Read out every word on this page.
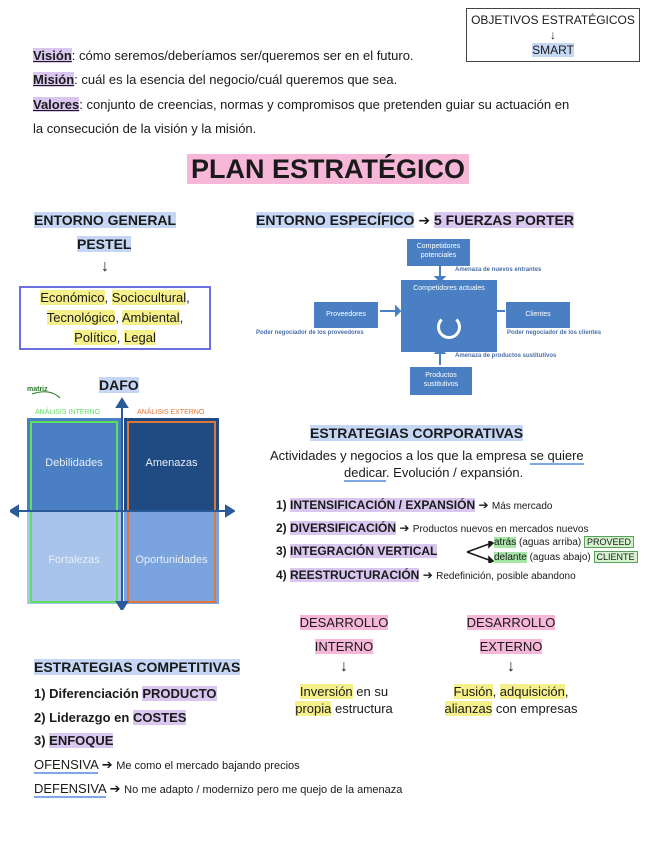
OBJETIVOS ESTRATÉGICOS
↓
SMART
Visión: cómo seremos/deberíamos ser/queremos ser en el futuro.
Misión: cuál es la esencia del negocio/cuál queremos que sea.
Valores: conjunto de creencias, normas y compromisos que pretenden guiar su actuación en
la consecución de la visión y la misión.
PLAN ESTRATÉGICO
ENTORNO GENERAL
PESTEL
↓
Económico, Sociocultural,
Tecnológico, Ambiental,
Político, Legal
ENTORNO ESPECÍFICO ➔ 5 FUERZAS PORTER
Competidores potenciales
Competidores actuales
Proveedores	Clientes
Productos sustitutivos
Amenaza de nuevos entrantes
Poder negociador de los proveedores	Poder negociador de los clientes
Amenaza de productos sustitutivos
matriz	DAFO
ANÁLISIS INTERNO	ANÁLISIS EXTERNO
Debilidades	Amenazas
Fortalezas	Oportunidades
ESTRATEGIAS CORPORATIVAS
Actividades y negocios a los que la empresa se quiere
dedicar. Evolución / expansión.
1) INTENSIFICACIÓN / EXPANSIÓN ➔ Más mercado
2) DIVERSIFICACIÓN ➔ Productos nuevos en mercados nuevos
3) INTEGRACIÓN VERTICAL
atrás (aguas arriba) PROVEED
delante (aguas abajo) CLIENTE
4) REESTRUCTURACIÓN ➔ Redefinición, posible abandono
DESARROLLO
INTERNO
↓
Inversión en su
propia estructura
DESARROLLO
EXTERNO
↓
Fusión, adquisición,
alianzas con empresas
ESTRATEGIAS COMPETITIVAS
1) Diferenciación PRODUCTO
2) Liderazgo en COSTES
3) ENFOQUE
OFENSIVA ➔ Me como el mercado bajando precios
DEFENSIVA ➔ No me adapto / modernizo pero me quejo de la amenaza
